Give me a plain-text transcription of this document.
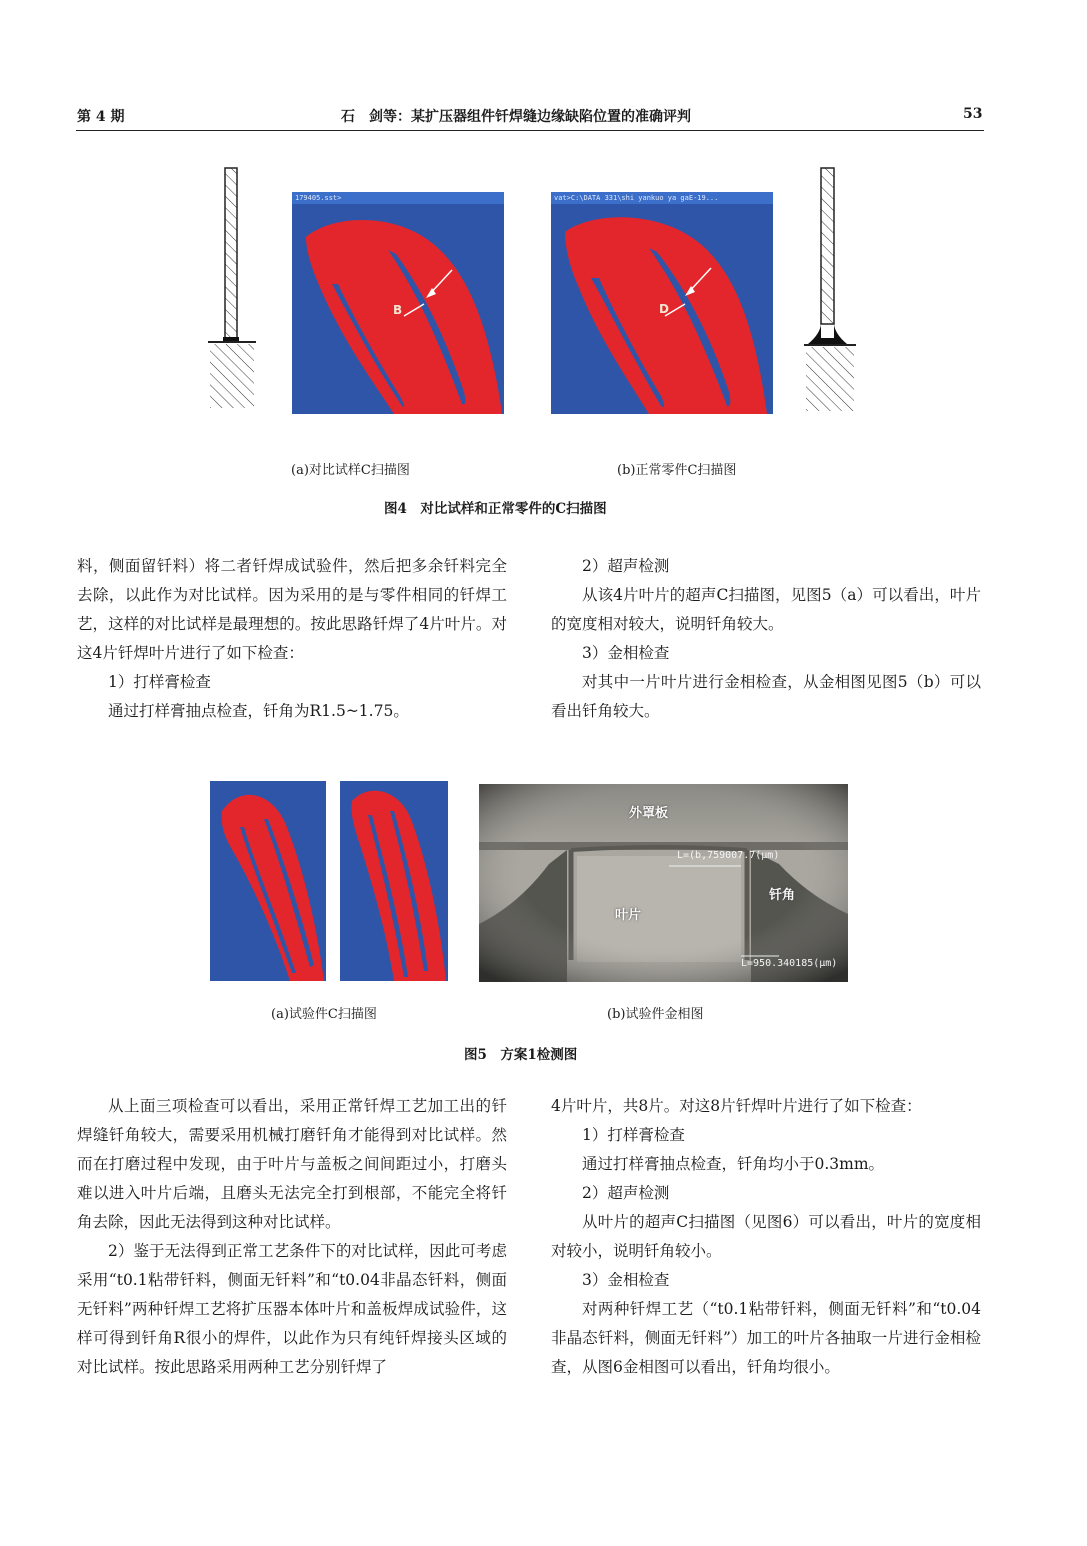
第 4 期	石　剑等：某扩压器组件钎焊缝边缘缺陷位置的准确评判	53
179405.sst>
B
vat>C:\DATA 331\shi yankuo ya gaE-19...
D
(a)对比试样C扫描图	(b)正常零件C扫描图
图4　对比试样和正常零件的C扫描图

料，侧面留钎料）将二者钎焊成试验件，然后把多余钎料完全去除，以此作为对比试样。因为采用的是与零件相同的钎焊工艺，这样的对比试样是最理想的。按此思路钎焊了4片叶片。对这4片钎焊叶片进行了如下检查：

1）打样膏检查

通过打样膏抽点检查，钎角为R1.5~1.75。

2）超声检测

从该4片叶片的超声C扫描图，见图5（a）可以看出，叶片的宽度相对较大，说明钎角较大。

3）金相检查

对其中一片叶片进行金相检查，从金相图见图5（b）可以看出钎角较大。

外罩板
叶片
钎角
L=(b,759007.7(μm)
L=950.340185(μm)
(a)试验件C扫描图	(b)试验件金相图
图5　方案1检测图

从上面三项检查可以看出，采用正常钎焊工艺加工出的钎焊缝钎角较大，需要采用机械打磨钎角才能得到对比试样。然而在打磨过程中发现，由于叶片与盖板之间间距过小，打磨头难以进入叶片后端，且磨头无法完全打到根部，不能完全将钎角去除，因此无法得到这种对比试样。

2）鉴于无法得到正常工艺条件下的对比试样，因此可考虑采用“t0.1粘带钎料，侧面无钎料”和“t0.04非晶态钎料，侧面无钎料”两种钎焊工艺将扩压器本体叶片和盖板焊成试验件，这样可得到钎角R很小的焊件，以此作为只有纯钎焊接头区域的对比试样。按此思路采用两种工艺分别钎焊了

4片叶片，共8片。对这8片钎焊叶片进行了如下检查：

1）打样膏检查

通过打样膏抽点检查，钎角均小于0.3mm。

2）超声检测

从叶片的超声C扫描图（见图6）可以看出，叶片的宽度相对较小，说明钎角较小。

3）金相检查

对两种钎焊工艺（“t0.1粘带钎料，侧面无钎料”和“t0.04非晶态钎料，侧面无钎料”）加工的叶片各抽取一片进行金相检查，从图6金相图可以看出，钎角均很小。
